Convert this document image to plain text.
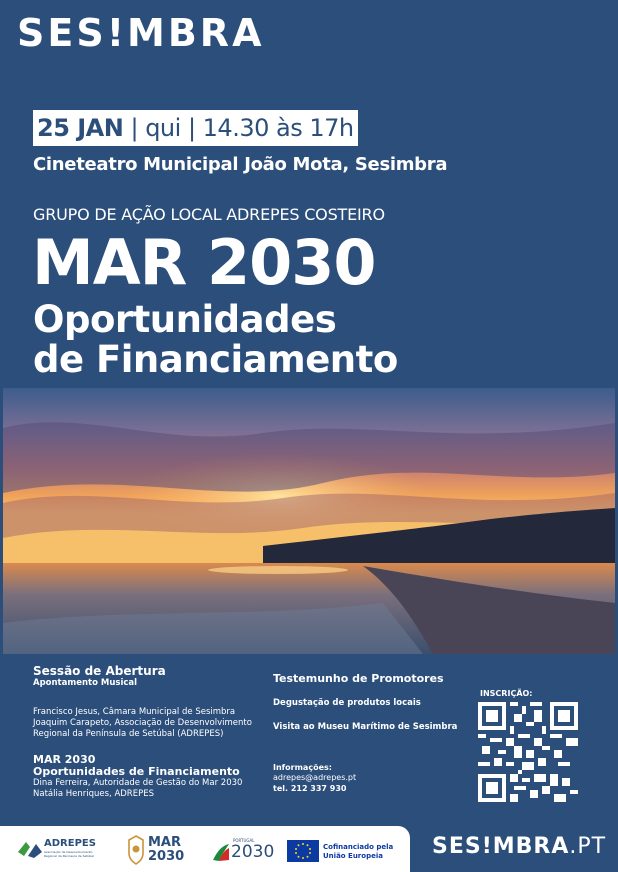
SES!MBRA
25 JAN | qui | 14.30 às 17h
Cineteatro Municipal João Mota, Sesimbra
GRUPO DE AÇÃO LOCAL ADREPES COSTEIRO
MAR 2030
Oportunidades
de Financiamento
Sessão de Abertura
Apontamento Musical
Francisco Jesus, Câmara Municipal de Sesimbra
Joaquim Carapeto, Associação de Desenvolvimento
Regional da Península de Setúbal (ADREPES)
MAR 2030
Oportunidades de Financiamento
Dina Ferreira, Autoridade de Gestão do Mar 2030
Natália Henriques, ADREPES
Testemunho de Promotores
Degustação de produtos locais
Visita ao Museu Marítimo de Sesimbra
Informações:
adrepes@adrepes.pt
tel. 212 337 930
INSCRIÇÃO:
ADREPES
Associação de Desenvolvimento Regional da Península de Setúbal
MAR
2030
PORTUGAL
2030	Cofinanciado pela
União Europeia SES!MBRA.PT
